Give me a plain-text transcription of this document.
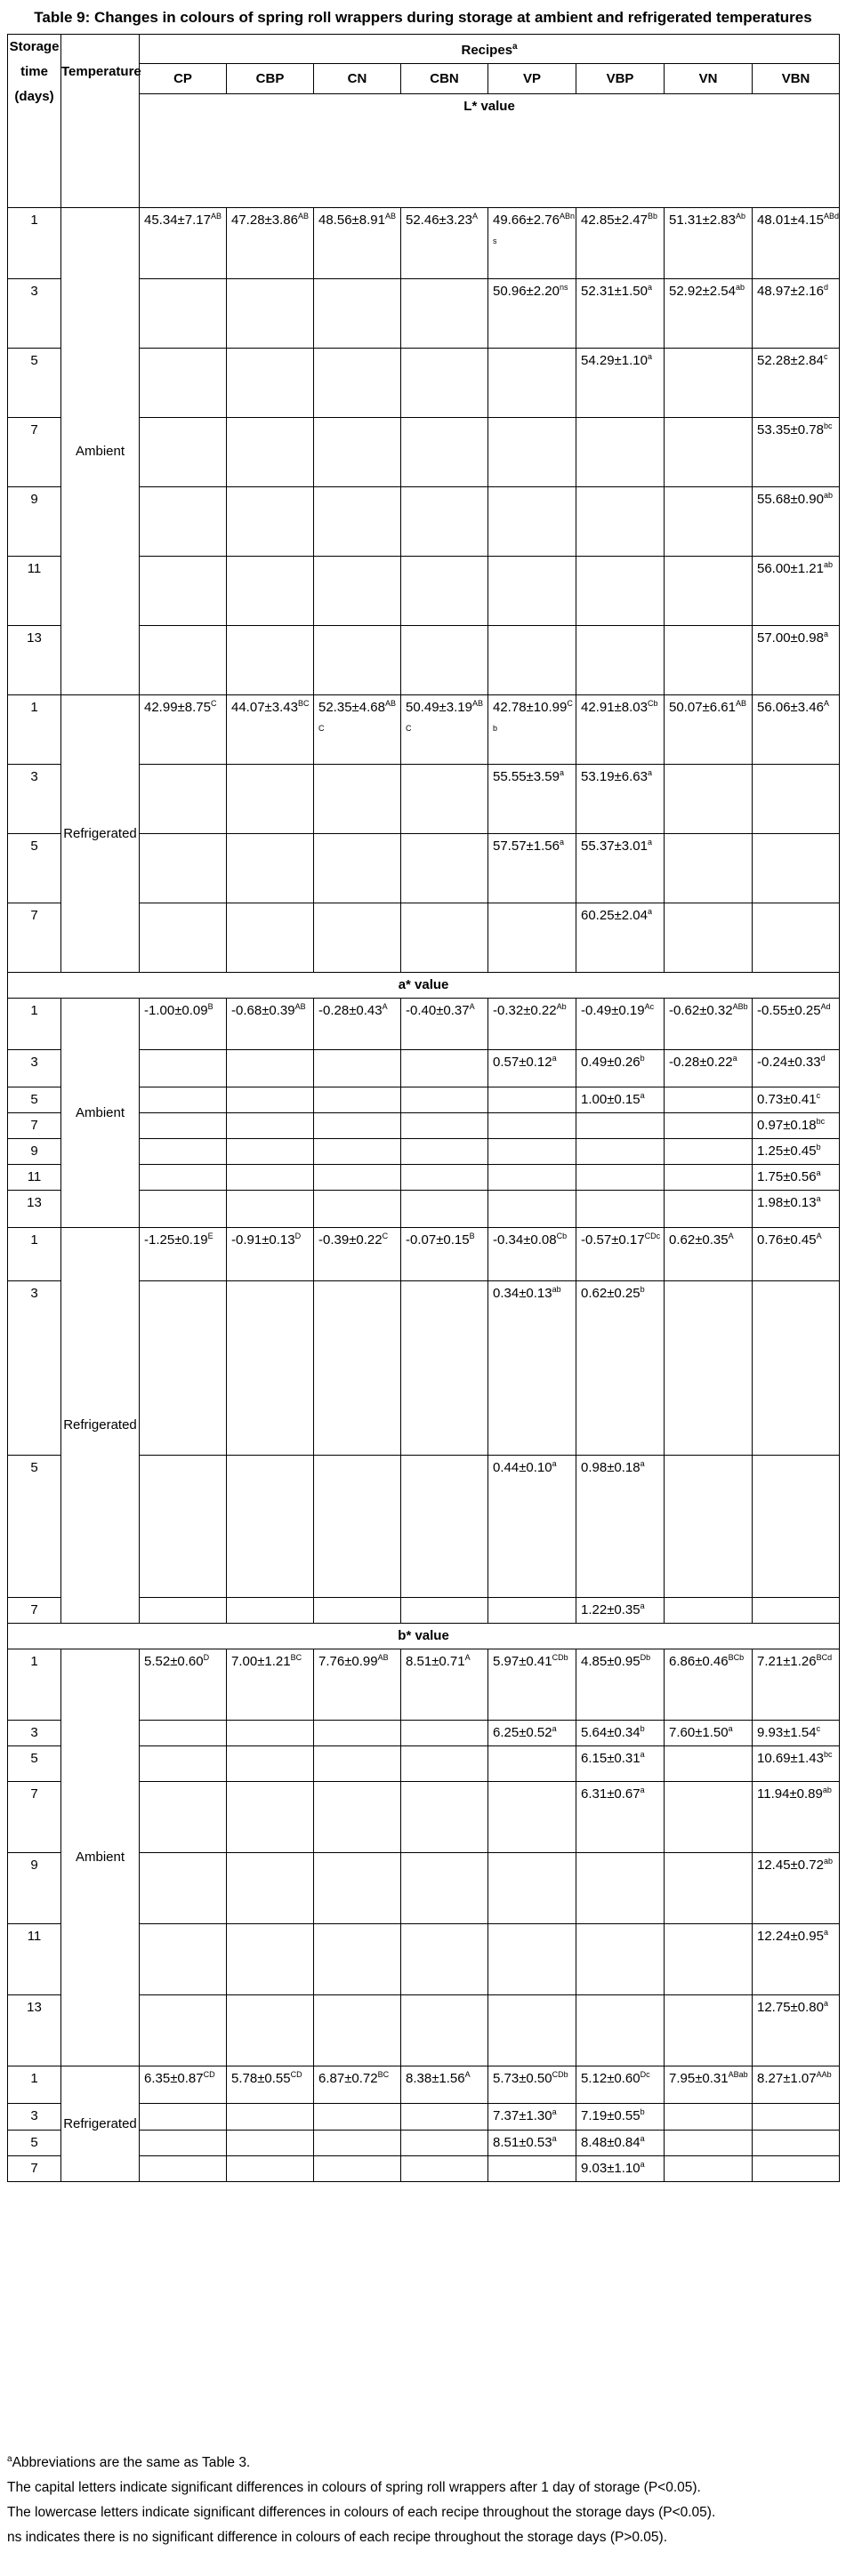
Table 9: Changes in colours of spring roll wrappers during storage at ambient and refrigerated temperatures
Storage time (days)	Temperature	Recipes$^a$
		CP	CBP	CN	CBN	VP	VBP	VN	VBN
		L* value							
1	Ambient	$45.34\pm 7.17^{AB}$	$47.28\pm 3.86^{AB}$	$48.56\pm 8.91^{AB}$	$52.46\pm 3.23^A$	$49.66\pm 2.76^{ABns}$	$42.85\pm 2.47^{Bb}$	$51.31\pm 2.83^{Ab}$	$48.01\pm 4.15^{ABd}$
3						$50.96\pm 2.20^{ns}$	52.31±1.50$^a$	52.92±2.54$^{ab}$	48.97±2.16$^d$
5							54.29±1.10$^a$		52.28±2.84$^c$
7									53.35±0.78$^{bc}$
9									55.68±0.90$^{ab}$
11									56.00±1.21$^{ab}$
13									57.00±0.98$^a$
1	Refrigerated	$42.99\pm 8.75^C$	$44.07\pm 3.43^{BC}$	$52.35\pm 4.68^{ABC}$	$50.49\pm 3.19^{ABC}$	$42.78\pm 10.99^{Cb}$	$42.91\pm 8.03^{Cb}$	$50.07\pm 6.61^{AB}$	$56.06\pm 3.46^A$
3						55.55±3.59$^a$	53.19±6.63$^a$		
5						57.57±1.56$^a$	55.37±3.01$^a$		
7							60.25±2.04$^a$		
a* value									
1	Ambient	$-1.00\pm 0.09^B$	$-0.68\pm 0.39^{AB}$	$-0.28\pm 0.43^A$	$-0.40\pm 0.37^A$	$-0.32\pm 0.22^{Ab}$	$-0.49\pm 0.19^{Ac}$	$-0.62\pm 0.32^{ABb}$	$-0.55\pm 0.25^{Ad}$
3						0.57±0.12$^a$	0.49±0.26$^b$	-0.28±0.22$^a$	-0.24±0.33$^d$
5							1.00±0.15$^a$		0.73±0.41$^c$
7									0.97±0.18$^{bc}$
9									1.25±0.45$^b$
11									1.75±0.56$^a$
13									1.98±0.13$^a$
1	Refrigerated	$-1.25\pm 0.19^E$	$-0.91\pm 0.13^D$	$-0.39\pm 0.22^C$	$-0.07\pm 0.15^B$	$-0.34\pm 0.08^{Cb}$	$-0.57\pm 0.17^{CDc}$	$0.62\pm 0.35^A$	$0.76\pm 0.45^A$
3						0.34±0.13$^{ab}$	0.62±0.25$^b$		
5						0.44±0.10$^a$	0.98±0.18$^a$		
7							1.22±0.35$^a$		
b* value									
1	Ambient	$5.52\pm 0.60^D$	$7.00\pm 1.21^{BC}$	$7.76\pm 0.99^{AB}$	$8.51\pm 0.71^A$	$5.97\pm 0.41^{CDb}$	$4.85\pm 0.95^{Db}$	$6.86\pm 0.46^{BCb}$	$7.21\pm 1.26^{BCd}$
3						6.25±0.52$^a$	5.64±0.34$^b$	7.60±1.50$^a$	9.93±1.54$^c$
5							6.15±0.31$^a$		10.69±1.43$^{bc}$
7							6.31±0.67$^a$		11.94±0.89$^{ab}$
9									12.45±0.72$^{ab}$
11									12.24±0.95$^a$
13									12.75±0.80$^a$
1	Refrigerated	$6.35\pm 0.87^{CD}$	$5.78\pm 0.55^{CD}$	$6.87\pm 0.72^{BC}$	$8.38\pm 1.56^A$	$5.73\pm 0.50^{CDb}$	$5.12\pm 0.60^{Dc}$	$7.95\pm 0.31^{ABab}$	$8.27\pm 1.07^{AAb}$
3						7.37±1.30$^a$	7.19±0.55$^b$		
5						8.51±0.53$^a$	8.48±0.84$^a$		
7							9.03±1.10$^a$		
$^a$Abbreviations are the same as Table 3.
The capital letters indicate significant differences in colours of spring roll wrappers after 1 day of storage (P<0.05).
The lowercase letters indicate significant differences in colours of each recipe throughout the storage days (P<0.05).
ns indicates there is no significant difference in colours of each recipe throughout the storage days (P>0.05).
